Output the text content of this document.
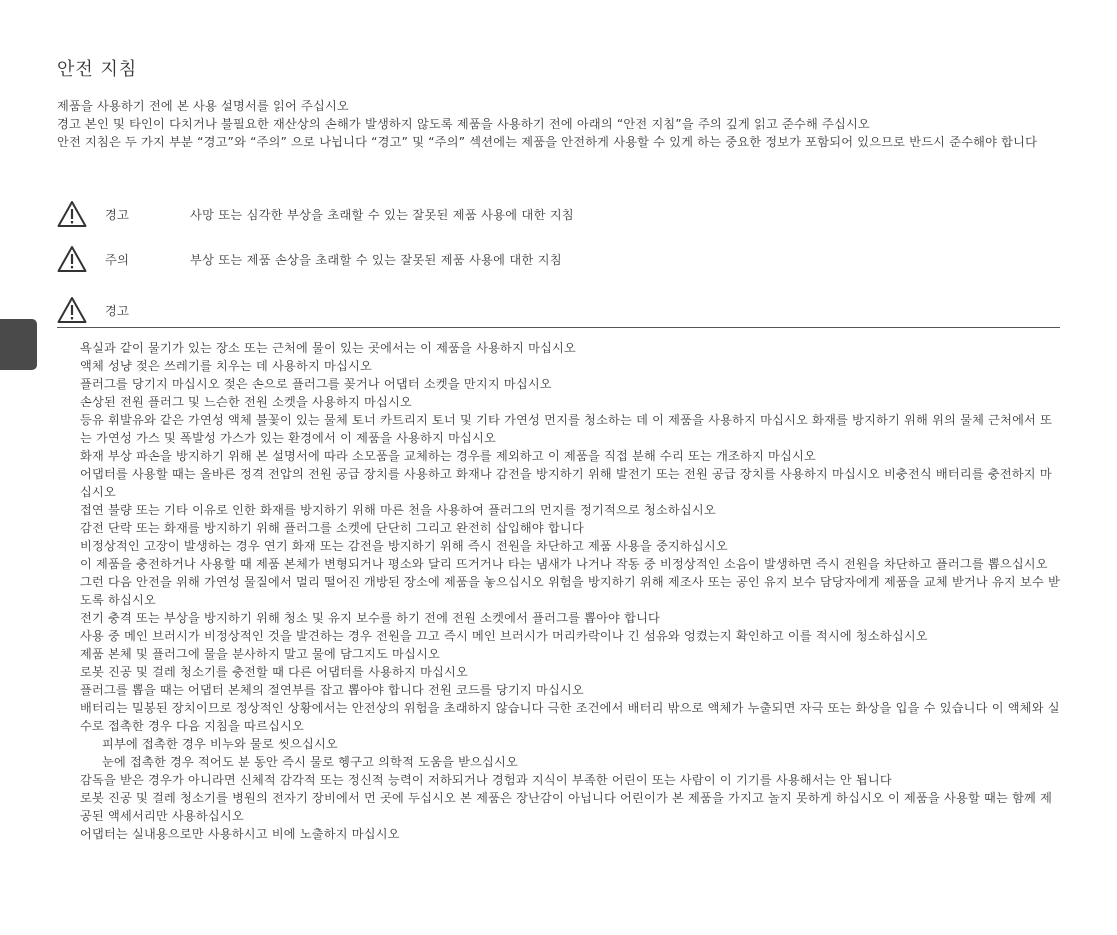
안전 지침

제품을 사용하기 전에 본 사용 설명서를 읽어 주십시오

경고 본인 및 타인이 다치거나 불필요한 재산상의 손해가 발생하지 않도록 제품을 사용하기 전에 아래의 “안전 지침”을 주의 깊게 읽고 준수해 주십시오

안전 지침은 두 가지 부분 “경고”와 “주의” 으로 나뉩니다 “경고” 및 “주의” 섹션에는 제품을 안전하게 사용할 수 있게 하는 중요한 정보가 포함되어 있으므로 반드시 준수해야 합니다

경고	사망 또는 심각한 부상을 초래할 수 있는 잘못된 제품 사용에 대한 지침
주의	부상 또는 제품 손상을 초래할 수 있는 잘못된 제품 사용에 대한 지침
경고

욕실과 같이 물기가 있는 장소 또는 근처에 물이 있는 곳에서는 이 제품을 사용하지 마십시오

액체 성냥 젖은 쓰레기를 치우는 데 사용하지 마십시오

플러그를 당기지 마십시오 젖은 손으로 플러그를 꽂거나 어댑터 소켓을 만지지 마십시오

손상된 전원 플러그 및 느슨한 전원 소켓을 사용하지 마십시오

등유 휘발유와 같은 가연성 액체 불꽃이 있는 물체 토너 카트리지 토너 및 기타 가연성 먼지를 청소하는 데 이 제품을 사용하지 마십시오 화재를 방지하기 위해 위의 물체 근처에서 또는 가연성 가스 및 폭발성 가스가 있는 환경에서 이 제품을 사용하지 마십시오

화재 부상 파손을 방지하기 위해 본 설명서에 따라 소모품을 교체하는 경우를 제외하고 이 제품을 직접 분해 수리 또는 개조하지 마십시오

어댑터를 사용할 때는 올바른 정격 전압의 전원 공급 장치를 사용하고 화재나 감전을 방지하기 위해 발전기 또는 전원 공급 장치를 사용하지 마십시오 비충전식 배터리를 충전하지 마십시오

접연 불량 또는 기타 이유로 인한 화재를 방지하기 위해 마른 천을 사용하여 플러그의 먼지를 정기적으로 청소하십시오

감전 단락 또는 화재를 방지하기 위해 플러그를 소켓에 단단히 그리고 완전히 삽입해야 합니다

비정상적인 고장이 발생하는 경우 연기 화재 또는 감전을 방지하기 위해 즉시 전원을 차단하고 제품 사용을 중지하십시오

이 제품을 충전하거나 사용할 때 제품 본체가 변형되거나 평소와 달리 뜨거거나 타는 냄새가 나거나 작동 중 비정상적인 소음이 발생하면 즉시 전원을 차단하고 플러그를 뽑으십시오 그런 다음 안전을 위해 가연성 물질에서 멀리 떨어진 개방된 장소에 제품을 놓으십시오 위험을 방지하기 위해 제조사 또는 공인 유지 보수 담당자에게 제품을 교체 받거나 유지 보수 받도록 하십시오

전기 충격 또는 부상을 방지하기 위해 청소 및 유지 보수를 하기 전에 전원 소켓에서 플러그를 뽑아야 합니다

사용 중 메인 브러시가 비정상적인 것을 발견하는 경우 전원을 끄고 즉시 메인 브러시가 머리카락이나 긴 섬유와 엉켰는지 확인하고 이를 적시에 청소하십시오

제품 본체 및 플러그에 물을 분사하지 말고 물에 담그지도 마십시오

로봇 진공 및 걸레 청소기를 충전할 때 다른 어댑터를 사용하지 마십시오

플러그를 뽑을 때는 어댑터 본체의 절연부를 잡고 뽑아야 합니다 전원 코드를 당기지 마십시오

배터리는 밀봉된 장치이므로 정상적인 상황에서는 안전상의 위험을 초래하지 않습니다 극한 조건에서 배터리 밖으로 액체가 누출되면 자극 또는 화상을 입을 수 있습니다 이 액체와 실수로 접촉한 경우 다음 지침을 따르십시오

피부에 접촉한 경우 비누와 물로 씻으십시오

눈에 접촉한 경우 적어도 분 동안 즉시 물로 헹구고 의학적 도움을 받으십시오

감독을 받은 경우가 아니라면 신체적 감각적 또는 정신적 능력이 저하되거나 경험과 지식이 부족한 어린이 또는 사람이 이 기기를 사용해서는 안 됩니다

로봇 진공 및 걸레 청소기를 병원의 전자기 장비에서 먼 곳에 두십시오 본 제품은 장난감이 아닙니다 어린이가 본 제품을 가지고 놀지 못하게 하십시오 이 제품을 사용할 때는 함께 제공된 액세서리만 사용하십시오

어댑터는 실내용으로만 사용하시고 비에 노출하지 마십시오
